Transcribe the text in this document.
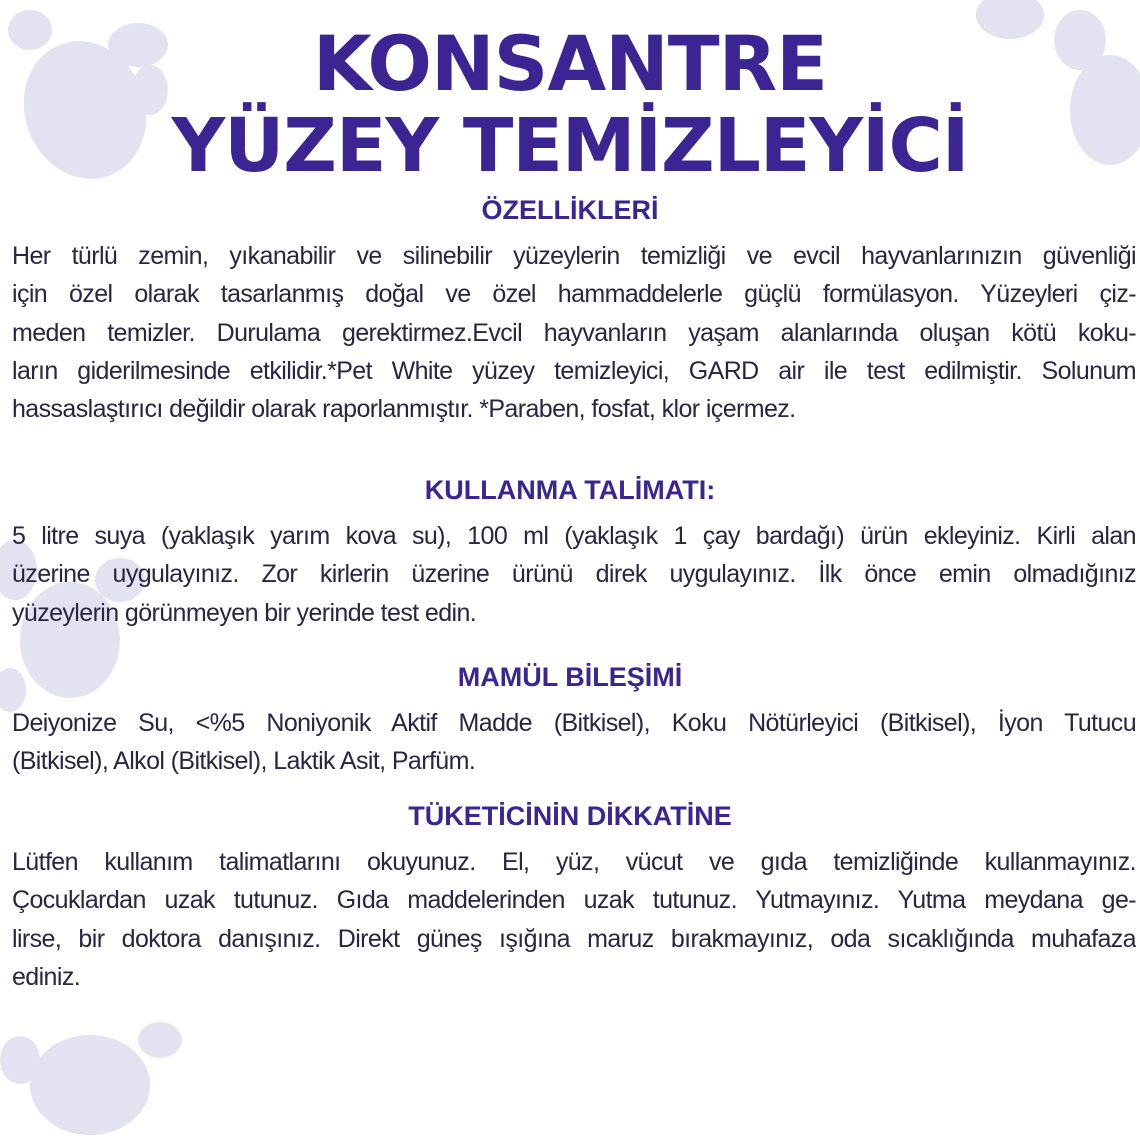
KONSANTRE
YÜZEY TEMİZLEYİCİ
ÖZELLİKLERİ
Her türlü zemin, yıkanabilir ve silinebilir yüzeylerin temizliği ve evcil hayvanlarınızın güvenliği
için özel olarak tasarlanmış doğal ve özel hammaddelerle güçlü formülasyon. Yüzeyleri çiz-
meden temizler. Durulama gerektirmez.Evcil hayvanların yaşam alanlarında oluşan kötü koku-
ların giderilmesinde etkilidir.*Pet White yüzey temizleyici, GARD air ile test edilmiştir. Solunum
hassaslaştırıcı değildir olarak raporlanmıştır. *Paraben, fosfat, klor içermez.
KULLANMA TALİMATI:
5 litre suya (yaklaşık yarım kova su), 100 ml (yaklaşık 1 çay bardağı) ürün ekleyiniz. Kirli alan
üzerine uygulayınız. Zor kirlerin üzerine ürünü direk uygulayınız. İlk önce emin olmadığınız
yüzeylerin görünmeyen bir yerinde test edin.
MAMÜL BİLEŞİMİ
Deiyonize Su, <%5 Noniyonik Aktif Madde (Bitkisel), Koku Nötürleyici (Bitkisel), İyon Tutucu
(Bitkisel), Alkol (Bitkisel), Laktik Asit, Parfüm.
TÜKETİCİNİN DİKKATİNE
Lütfen kullanım talimatlarını okuyunuz. El, yüz, vücut ve gıda temizliğinde kullanmayınız.
Çocuklardan uzak tutunuz. Gıda maddelerinden uzak tutunuz. Yutmayınız. Yutma meydana ge-
lirse, bir doktora danışınız. Direkt güneş ışığına maruz bırakmayınız, oda sıcaklığında muhafaza
ediniz.
